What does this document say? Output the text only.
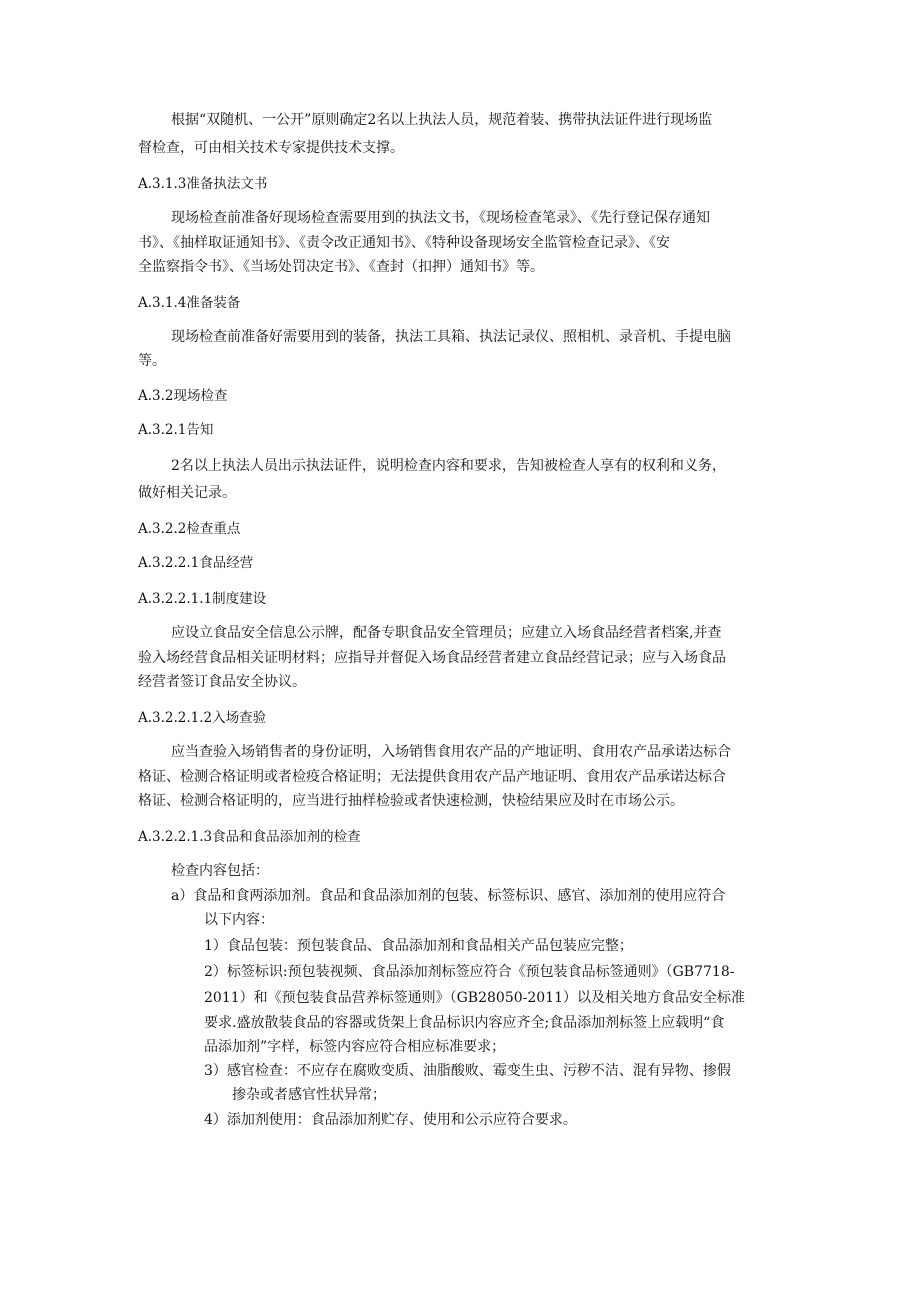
根据“双随机、一公开”原则确定2名以上执法人员，规范着装、携带执法证件进行现场监
督检查，可由相关技术专家提供技术支撑。
A.3.1.3准备执法文书
现场检查前准备好现场检查需要用到的执法文书，《现场检查笔录》、《先行登记保存通知
书》、《抽样取证通知书》、《责令改正通知书》、《特种设备现场安全监管检查记录》、《安
全监察指令书》、《当场处罚决定书》、《查封（扣押）通知书》等。
A.3.1.4准备装备
现场检查前准备好需要用到的装备，执法工具箱、执法记录仪、照相机、录音机、手提电脑
等。
A.3.2现场检查
A.3.2.1告知
2名以上执法人员出示执法证件，说明检查内容和要求，告知被检查人享有的权利和义务，
做好相关记录。
A.3.2.2检查重点
A.3.2.2.1食品经营
A.3.2.2.1.1制度建设
应设立食品安全信息公示牌，配备专职食品安全管理员；应建立入场食品经营者档案,并查
验入场经营食品相关证明材料；应指导并督促入场食品经营者建立食品经营记录；应与入场食品
经营者签订食品安全协议。
A.3.2.2.1.2入场查验
应当查验入场销售者的身份证明，入场销售食用农产品的产地证明、食用农产品承诺达标合
格证、检测合格证明或者检疫合格证明；无法提供食用农产品产地证明、食用农产品承诺达标合
格证、检测合格证明的，应当进行抽样检验或者快速检测，快检结果应及时在市场公示。
A.3.2.2.1.3食品和食品添加剂的检查
检查内容包括：
a）食品和食两添加剂。食品和食品添加剂的包装、标签标识、感官、添加剂的使用应符合
以下内容：
1）食品包装：预包装食品、食品添加剂和食品相关产品包装应完整；
2）标签标识:预包装视频、食品添加剂标签应符合《预包装食品标签通则》（GB7718-
2011）和《预包装食品营养标签通则》（GB28050-2011）以及相关地方食品安全标准
要求.盛放散装食品的容器或货架上食品标识内容应齐全;食品添加剂标签上应载明“食
品添加剂”字样，标签内容应符合相应标准要求；
3）感官检查：不应存在腐败变质、油脂酸败、霉变生虫、污秽不洁、混有异物、掺假
掺杂或者感官性状异常；
4）添加剂使用：食品添加剂贮存、使用和公示应符合要求。
